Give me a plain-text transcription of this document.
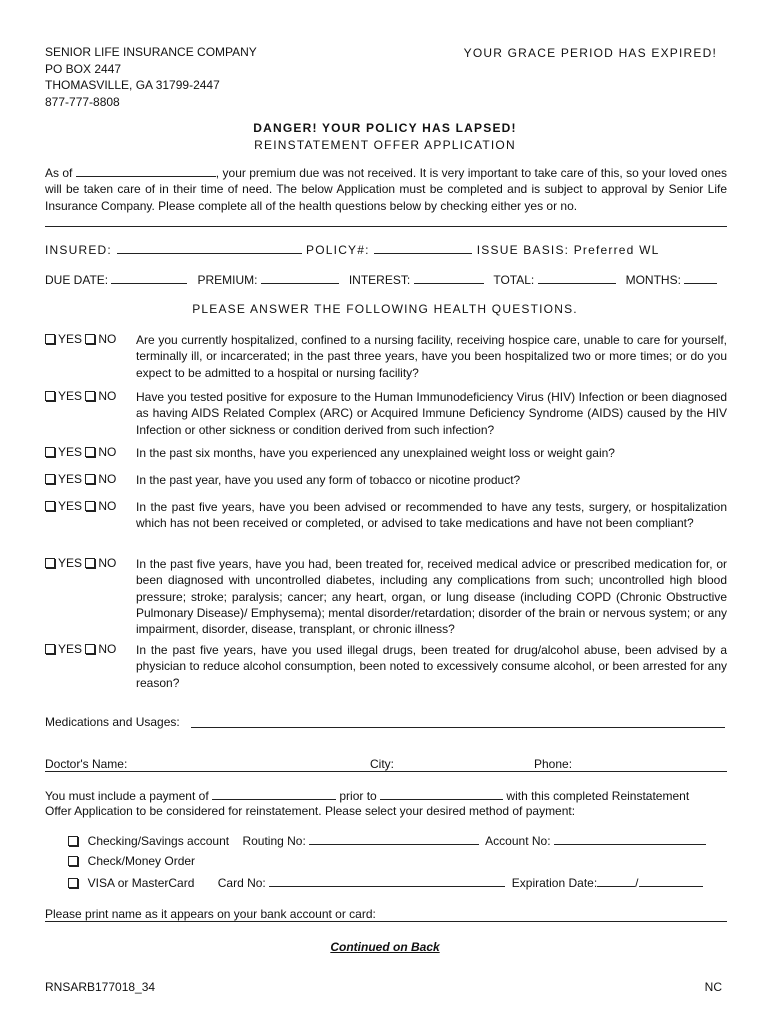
SENIOR LIFE INSURANCE COMPANY
PO BOX 2447
THOMASVILLE, GA 31799-2447
877-777-8808
YOUR GRACE PERIOD HAS EXPIRED!
DANGER! YOUR POLICY HAS LAPSED!
REINSTATEMENT OFFER APPLICATION
As of	, your premium due was not received. It is very important to take care of this, so your loved ones will be taken care of in their time of need. The below Application must be completed and is subject to approval by Senior Life Insurance Company. Please complete all of the health questions below by checking either yes or no.
INSURED:	POLICY#:	ISSUE BASIS: Preferred WL
DUE DATE:	PREMIUM:	INTEREST:	TOTAL:	MONTHS:
PLEASE ANSWER THE FOLLOWING HEALTH QUESTIONS.
YES NO Are you currently hospitalized, confined to a nursing facility, receiving hospice care, unable to care for yourself, terminally ill, or incarcerated; in the past three years, have you been hospitalized two or more times; or do you expect to be admitted to a hospital or nursing facility?
YES NO Have you tested positive for exposure to the Human Immunodeficiency Virus (HIV) Infection or been diagnosed as having AIDS Related Complex (ARC) or Acquired Immune Deficiency Syndrome (AIDS) caused by the HIV Infection or other sickness or condition derived from such infection?
YES NO In the past six months, have you experienced any unexplained weight loss or weight gain?
YES NO In the past year, have you used any form of tobacco or nicotine product?
YES NO In the past five years, have you been advised or recommended to have any tests, surgery, or hospitalization which has not been received or completed, or advised to take medications and have not been compliant?
YES NO In the past five years, have you had, been treated for, received medical advice or prescribed medication for, or been diagnosed with uncontrolled diabetes, including any complications from such; uncontrolled high blood pressure; stroke; paralysis; cancer; any heart, organ, or lung disease (including COPD (Chronic Obstructive Pulmonary Disease)/ Emphysema); mental disorder/retardation; disorder of the brain or nervous system; or any impairment, disorder, disease, transplant, or chronic illness?
YES NO In the past five years, have you used illegal drugs, been treated for drug/alcohol abuse, been advised by a physician to reduce alcohol consumption, been noted to excessively consume alcohol, or been arrested for any reason?
Medications and Usages:
Doctor's Name:	City:	Phone:
You must include a payment of	prior to	with this completed Reinstatement
Offer Application to be considered for reinstatement. Please select your desired method of payment:
Checking/Savings account Routing No:	Account No:
Check/Money Order
VISA or MasterCard Card No:	Expiration Date:	/
Please print name as it appears on your bank account or card:
Continued on Back
RNSARB177018_34	NC
